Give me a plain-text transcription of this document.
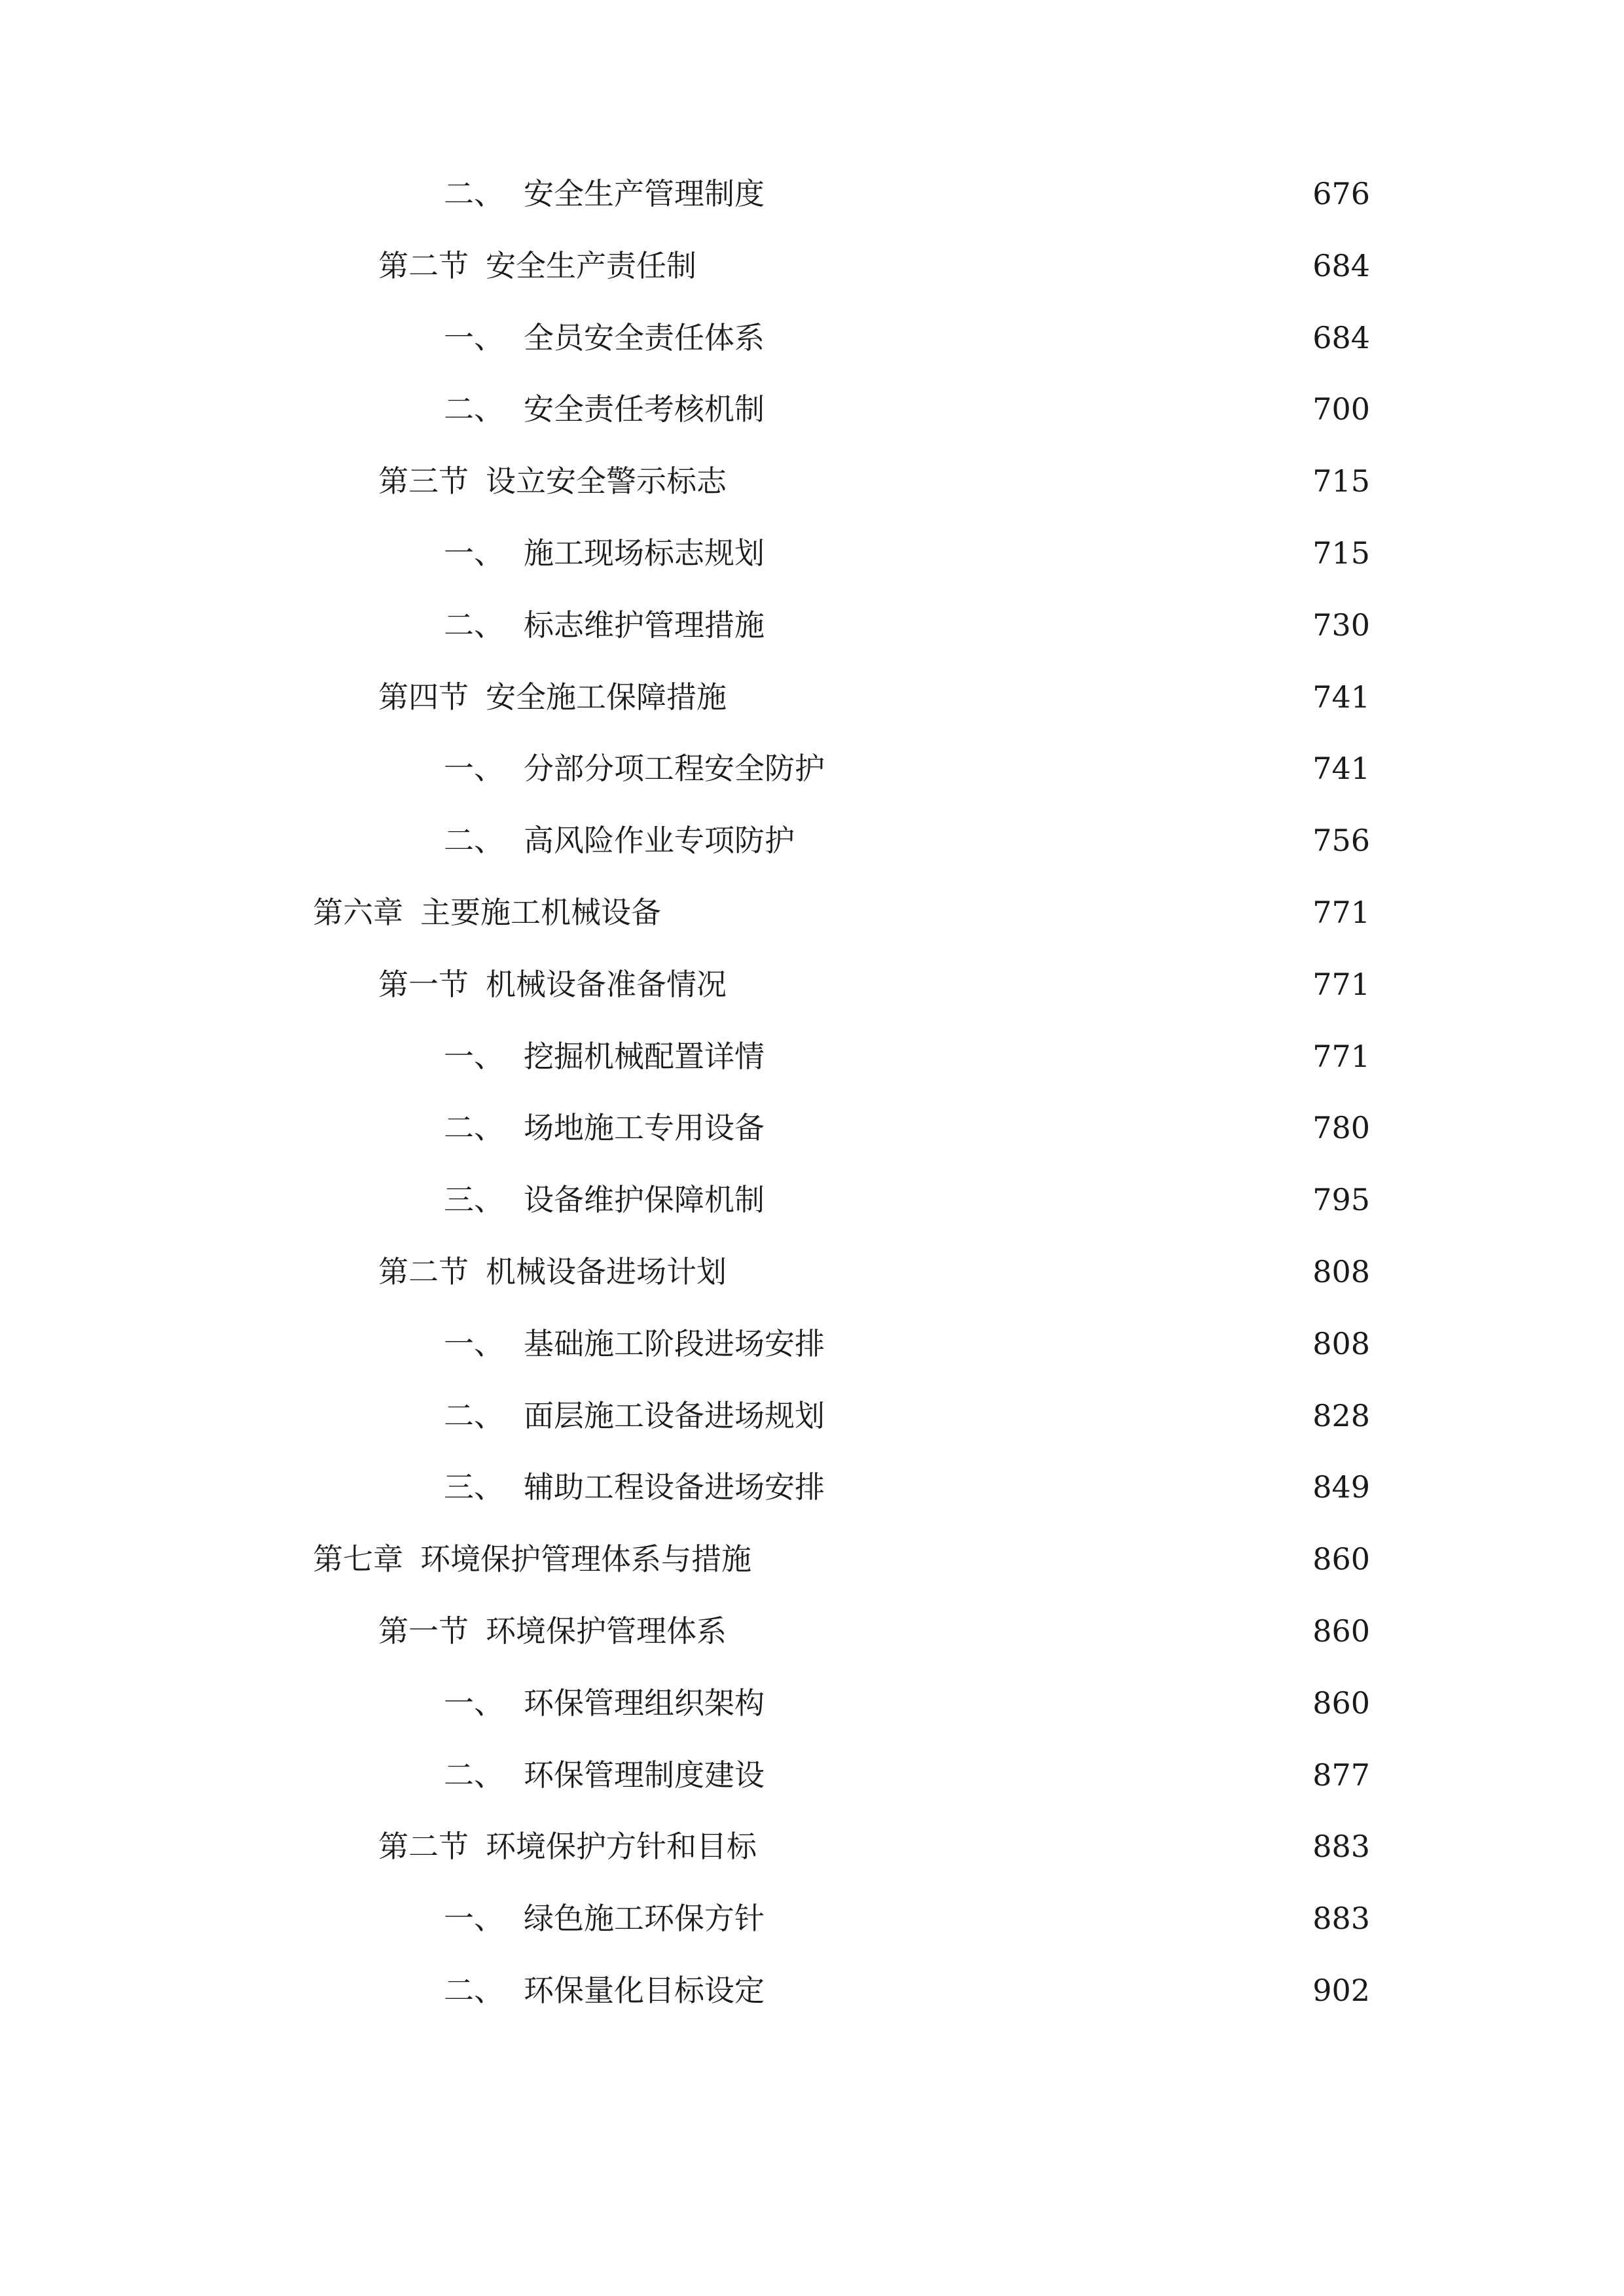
二、 安全生产管理制度	676
第二节 安全生产责任制	684
一、 全员安全责任体系	684
二、 安全责任考核机制	700
第三节 设立安全警示标志	715
一、 施工现场标志规划	715
二、 标志维护管理措施	730
第四节 安全施工保障措施	741
一、 分部分项工程安全防护	741
二、 高风险作业专项防护	756
第六章 主要施工机械设备	771
第一节 机械设备准备情况	771
一、 挖掘机械配置详情	771
二、 场地施工专用设备	780
三、 设备维护保障机制	795
第二节 机械设备进场计划	808
一、 基础施工阶段进场安排	808
二、 面层施工设备进场规划	828
三、 辅助工程设备进场安排	849
第七章 环境保护管理体系与措施	860
第一节 环境保护管理体系	860
一、 环保管理组织架构	860
二、 环保管理制度建设	877
第二节 环境保护方针和目标	883
一、 绿色施工环保方针	883
二、 环保量化目标设定	902
